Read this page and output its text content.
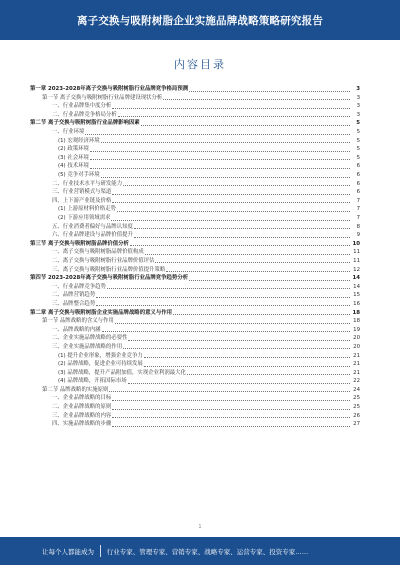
离子交换与吸附树脂企业实施品牌战略策略研究报告
内容目录
第一章 2023-2028年离子交换与吸附树脂行业品牌竞争格局预测	3
第一节 离子交换与吸附树脂行业品牌建设现状分析	3
一、行业品牌集中度分析	3
二、行业品牌竞争格局分析	3
第二节 离子交换与吸附树脂行业品牌影响因素	5
一、行业环境	5
(1) 宏观经济环境	5
(2) 政策环境	5
(3) 社会环境	5
(4) 技术环境	6
(5) 竞争对手环境	6
二、行业技术水平与研发能力	6
三、行业营销模式与渠道	6
四、上下游产业链及价格	7
(1) 上游原材料价格走势	7
(2) 下游应用领域需求	7
五、行业消费者偏好与品牌认知度	8
六、行业品牌建设与品牌价值提升	9
第三节 离子交换与吸附树脂品牌价值分析	10
一、离子交换与吸附树脂品牌价值构成	11
二、离子交换与吸附树脂行业品牌价值评估	11
三、离子交换与吸附树脂行业品牌价值提升策略	12
第四节 2023-2028年离子交换与吸附树脂行业品牌竞争趋势分析	14
一、行业品牌竞争趋势	14
二、品牌营销趋势	15
三、品牌整合趋势	16
第二章 离子交换与吸附树脂企业实施品牌战略的意义与作用	18
第一节 品牌战略的含义与作用	18
一、品牌战略的内涵	19
二、企业实施品牌战略的必要性	20
三、企业实施品牌战略的作用	20
(1) 提升企业形象，增强企业竞争力	21
(2) 品牌战略，促进企业可持续发展	21
(3) 品牌战略，提升产品附加值，实现企业利润最大化	21
(4) 品牌战略，开拓国际市场	22
第二节 品牌战略的实施原则	24
一、企业品牌战略的目标	25
二、企业品牌战略的原则	25
三、企业品牌战略的内容	26
四、实施品牌战略的步骤	27
1
让每个人都能成为 行业专家、管理专家、营销专家、战略专家、运营专家、投资专家……
